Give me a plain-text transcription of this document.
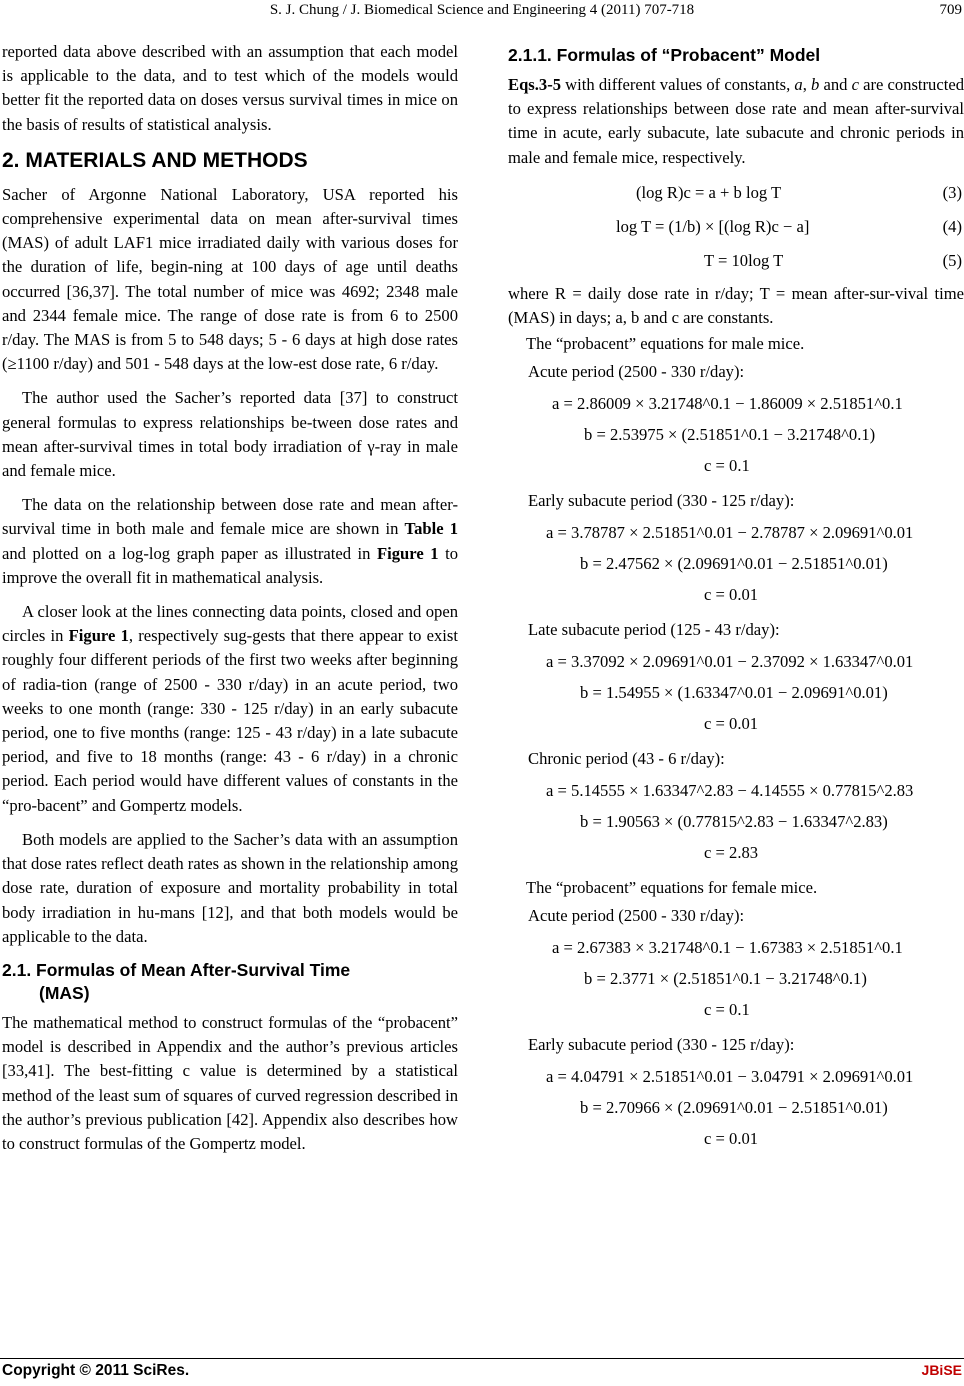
S. J. Chung / J. Biomedical Science and Engineering 4 (2011) 707-718	709

reported data above described with an assumption that each model is applicable to the data, and to test which of the models would better fit the reported data on doses versus survival times in mice on the basis of results of statistical analysis.

2. MATERIALS AND METHODS

Sacher of Argonne National Laboratory, USA reported his comprehensive experimental data on mean after-survival times (MAS) of adult LAF1 mice irradiated daily with various doses for the duration of life, begin-ning at 100 days of age until deaths occurred [36,37]. The total number of mice was 4692; 2348 male and 2344 female mice. The range of dose rate is from 6 to 2500 r/day. The MAS is from 5 to 548 days; 5 - 6 days at high dose rates (≥1100 r/day) and 501 - 548 days at the low-est dose rate, 6 r/day.

The author used the Sacher’s reported data [37] to construct general formulas to express relationships be-tween dose rates and mean after-survival times in total body irradiation of γ-ray in male and female mice.

The data on the relationship between dose rate and mean after-survival time in both male and female mice are shown in Table 1 and plotted on a log-log graph paper as illustrated in Figure 1 to improve the overall fit in mathematical analysis.

A closer look at the lines connecting data points, closed and open circles in Figure 1, respectively sug-gests that there appear to exist roughly four different periods of the first two weeks after beginning of radia-tion (range of 2500 - 330 r/day) in an acute period, two weeks to one month (range: 330 - 125 r/day) in an early subacute period, one to five months (range: 125 - 43 r/day) in a late subacute period, and five to 18 months (range: 43 - 6 r/day) in a chronic period. Each period would have different values of constants in the “pro-bacent” and Gompertz models.

Both models are applied to the Sacher’s data with an assumption that dose rates reflect death rates as shown in the relationship among dose rate, duration of exposure and mortality probability in total body irradiation in hu-mans [12], and that both models would be applicable to the data.

2.1. Formulas of Mean After-Survival Time
(MAS)

The mathematical method to construct formulas of the “probacent” model is described in Appendix and the author’s previous articles [33,41]. The best-fitting c value is determined by a statistical method of the least sum of squares of curved regression described in the author’s previous publication [42]. Appendix also describes how to construct formulas of the Gompertz model.

2.1.1. Formulas of “Probacent” Model

Eqs.3-5 with different values of constants, a, b and c are constructed to express relationships between dose rate and mean after-survival time in acute, early subacute, late subacute and chronic periods in male and female mice, respectively.

(log R)c = a + b log T	(3)
log T = (1/b) × [(log R)c − a]	(4)
T = 10log T	(5)

where R = daily dose rate in r/day; T = mean after-sur-vival time (MAS) in days; a, b and c are constants.

The “probacent” equations for male mice.
Acute period (2500 - 330 r/day):
a = 2.86009 × 3.21748^0.1 − 1.86009 × 2.51851^0.1
b = 2.53975 × (2.51851^0.1 − 3.21748^0.1)
c = 0.1
Early subacute period (330 - 125 r/day):
a = 3.78787 × 2.51851^0.01 − 2.78787 × 2.09691^0.01
b = 2.47562 × (2.09691^0.01 − 2.51851^0.01)
c = 0.01
Late subacute period (125 - 43 r/day):
a = 3.37092 × 2.09691^0.01 − 2.37092 × 1.63347^0.01
b = 1.54955 × (1.63347^0.01 − 2.09691^0.01)
c = 0.01
Chronic period (43 - 6 r/day):
a = 5.14555 × 1.63347^2.83 − 4.14555 × 0.77815^2.83
b = 1.90563 × (0.77815^2.83 − 1.63347^2.83)
c = 2.83
The “probacent” equations for female mice.
Acute period (2500 - 330 r/day):
a = 2.67383 × 3.21748^0.1 − 1.67383 × 2.51851^0.1
b = 2.3771 × (2.51851^0.1 − 3.21748^0.1)
c = 0.1
Early subacute period (330 - 125 r/day):
a = 4.04791 × 2.51851^0.01 − 3.04791 × 2.09691^0.01
b = 2.70966 × (2.09691^0.01 − 2.51851^0.01)
c = 0.01
Copyright © 2011 SciRes.	JBiSE
